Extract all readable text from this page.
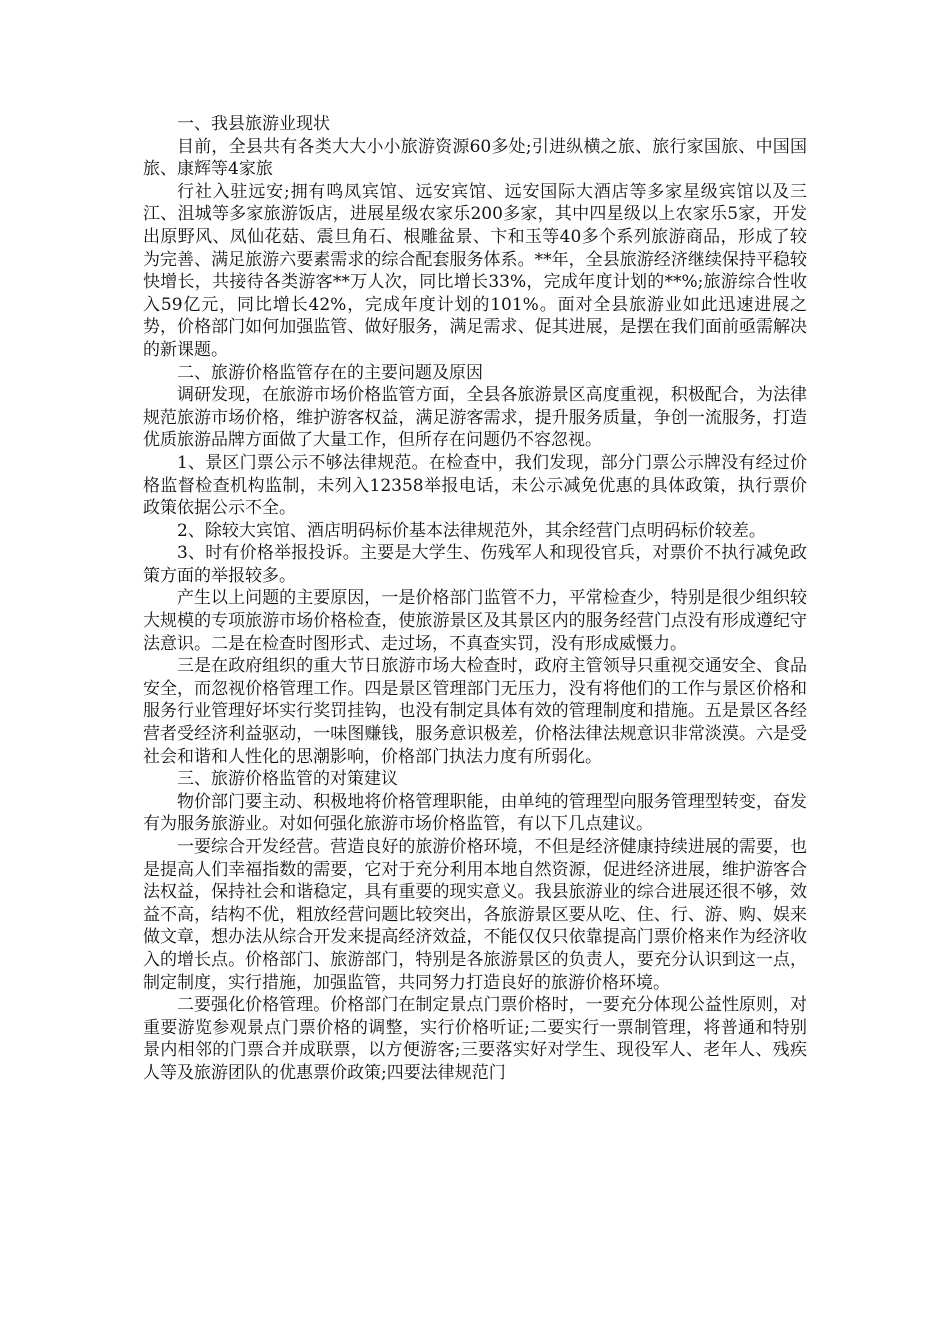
一、我县旅游业现状

目前，全县共有各类大大小小旅游资源60多处;引进纵横之旅、旅行家国旅、中国国旅、康辉等4家旅

行社入驻远安;拥有鸣凤宾馆、远安宾馆、远安国际大酒店等多家星级宾馆以及三江、沮城等多家旅游饭店，进展星级农家乐200多家，其中四星级以上农家乐5家，开发出原野风、凤仙花菇、震旦角石、根雕盆景、卞和玉等40多个系列旅游商品，形成了较为完善、满足旅游六要素需求的综合配套服务体系。**年，全县旅游经济继续保持平稳较快增长，共接待各类游客**万人次，同比增长33%，完成年度计划的**%;旅游综合性收入59亿元，同比增长42%，完成年度计划的101%。面对全县旅游业如此迅速进展之势，价格部门如何加强监管、做好服务，满足需求、促其进展，是摆在我们面前亟需解决的新课题。

二、旅游价格监管存在的主要问题及原因

调研发现，在旅游市场价格监管方面，全县各旅游景区高度重视，积极配合，为法律规范旅游市场价格，维护游客权益，满足游客需求，提升服务质量，争创一流服务，打造优质旅游品牌方面做了大量工作，但所存在问题仍不容忽视。

1、景区门票公示不够法律规范。在检查中，我们发现，部分门票公示牌没有经过价格监督检查机构监制，未列入12358举报电话，未公示减免优惠的具体政策，执行票价政策依据公示不全。

2、除较大宾馆、酒店明码标价基本法律规范外，其余经营门点明码标价较差。

3、时有价格举报投诉。主要是大学生、伤残军人和现役官兵，对票价不执行减免政策方面的举报较多。

产生以上问题的主要原因，一是价格部门监管不力，平常检查少，特别是很少组织较大规模的专项旅游市场价格检查，使旅游景区及其景区内的服务经营门点没有形成遵纪守法意识。二是在检查时图形式、走过场，不真查实罚，没有形成威慑力。

三是在政府组织的重大节日旅游市场大检查时，政府主管领导只重视交通安全、食品安全，而忽视价格管理工作。四是景区管理部门无压力，没有将他们的工作与景区价格和服务行业管理好坏实行奖罚挂钩，也没有制定具体有效的管理制度和措施。五是景区各经营者受经济利益驱动，一味图赚钱，服务意识极差，价格法律法规意识非常淡漠。六是受社会和谐和人性化的思潮影响，价格部门执法力度有所弱化。

三、旅游价格监管的对策建议

物价部门要主动、积极地将价格管理职能，由单纯的管理型向服务管理型转变，奋发有为服务旅游业。对如何强化旅游市场价格监管，有以下几点建议。

一要综合开发经营。营造良好的旅游价格环境，不但是经济健康持续进展的需要，也是提高人们幸福指数的需要，它对于充分利用本地自然资源，促进经济进展，维护游客合法权益，保持社会和谐稳定，具有重要的现实意义。我县旅游业的综合进展还很不够，效益不高，结构不优，粗放经营问题比较突出，各旅游景区要从吃、住、行、游、购、娱来做文章，想办法从综合开发来提高经济效益，不能仅仅只依靠提高门票价格来作为经济收入的增长点。价格部门、旅游部门，特别是各旅游景区的负责人，要充分认识到这一点，制定制度，实行措施，加强监管，共同努力打造良好的旅游价格环境。

二要强化价格管理。价格部门在制定景点门票价格时，一要充分体现公益性原则，对重要游览参观景点门票价格的调整，实行价格听证;二要实行一票制管理，将普通和特别景内相邻的门票合并成联票，以方便游客;三要落实好对学生、现役军人、老年人、残疾人等及旅游团队的优惠票价政策;四要法律规范门
